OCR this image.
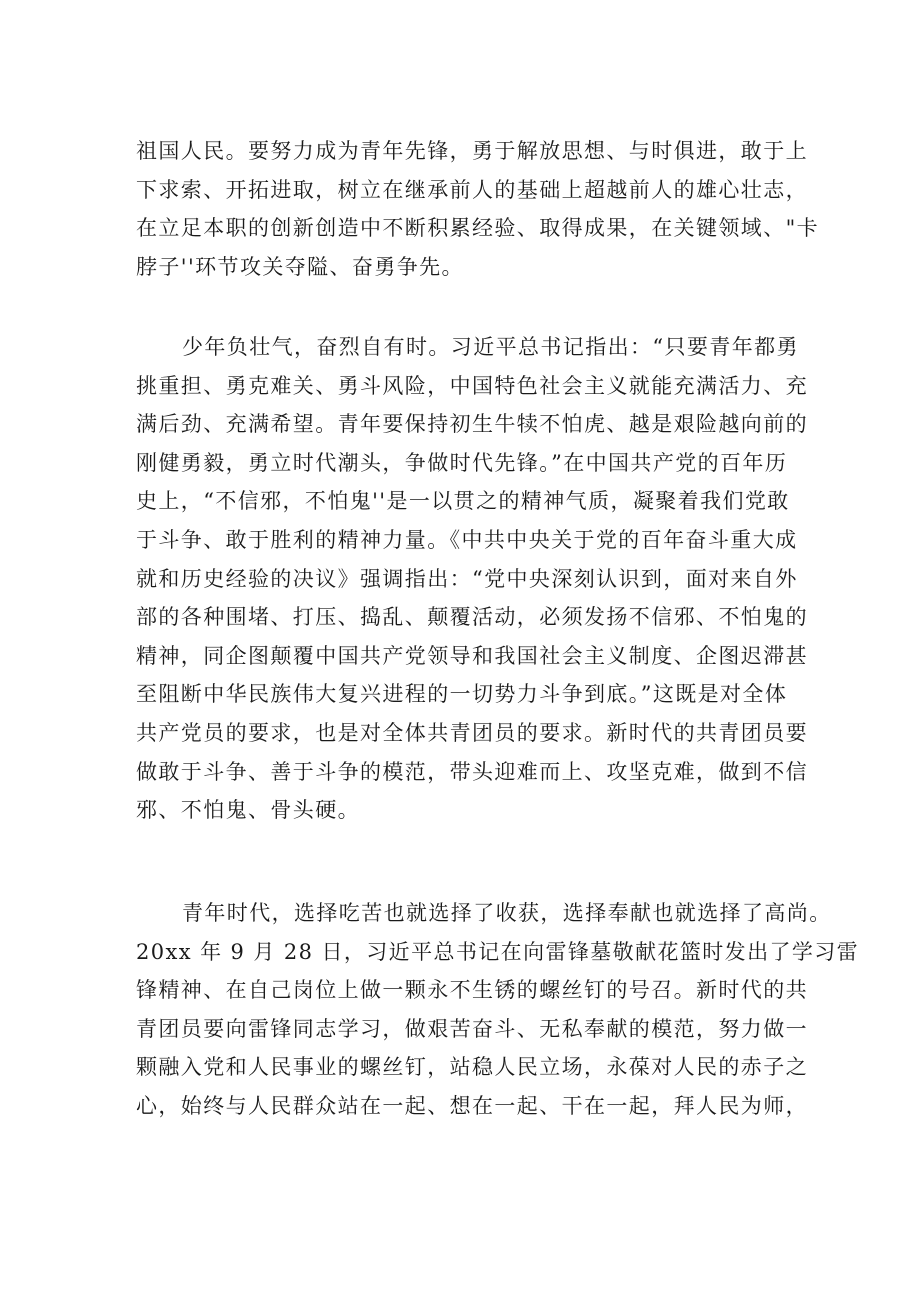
祖国人民。要努力成为青年先锋，勇于解放思想、与时俱进，敢于上
下求索、开拓进取，树立在继承前人的基础上超越前人的雄心壮志，
在立足本职的创新创造中不断积累经验、取得成果，在关键领域、"卡
脖子''环节攻关夺隘、奋勇争先。
少年负壮气，奋烈自有时。习近平总书记指出：“只要青年都勇
挑重担、勇克难关、勇斗风险，中国特色社会主义就能充满活力、充
满后劲、充满希望。青年要保持初生牛犊不怕虎、越是艰险越向前的
刚健勇毅，勇立时代潮头，争做时代先锋。”在中国共产党的百年历
史上，“不信邪，不怕鬼''是一以贯之的精神气质，凝聚着我们党敢
于斗争、敢于胜利的精神力量。《中共中央关于党的百年奋斗重大成
就和历史经验的决议》强调指出：“党中央深刻认识到，面对来自外
部的各种围堵、打压、捣乱、颠覆活动，必须发扬不信邪、不怕鬼的
精神，同企图颠覆中国共产党领导和我国社会主义制度、企图迟滞甚
至阻断中华民族伟大复兴进程的一切势力斗争到底。”这既是对全体
共产党员的要求，也是对全体共青团员的要求。新时代的共青团员要
做敢于斗争、善于斗争的模范，带头迎难而上、攻坚克难，做到不信
邪、不怕鬼、骨头硬。
青年时代，选择吃苦也就选择了收获，选择奉献也就选择了高尚。
20xx 年 9 月 28 日，习近平总书记在向雷锋墓敬献花篮时发出了学习雷
锋精神、在自己岗位上做一颗永不生锈的螺丝钉的号召。新时代的共
青团员要向雷锋同志学习，做艰苦奋斗、无私奉献的模范，努力做一
颗融入党和人民事业的螺丝钉，站稳人民立场，永葆对人民的赤子之
心，始终与人民群众站在一起、想在一起、干在一起，拜人民为师，
